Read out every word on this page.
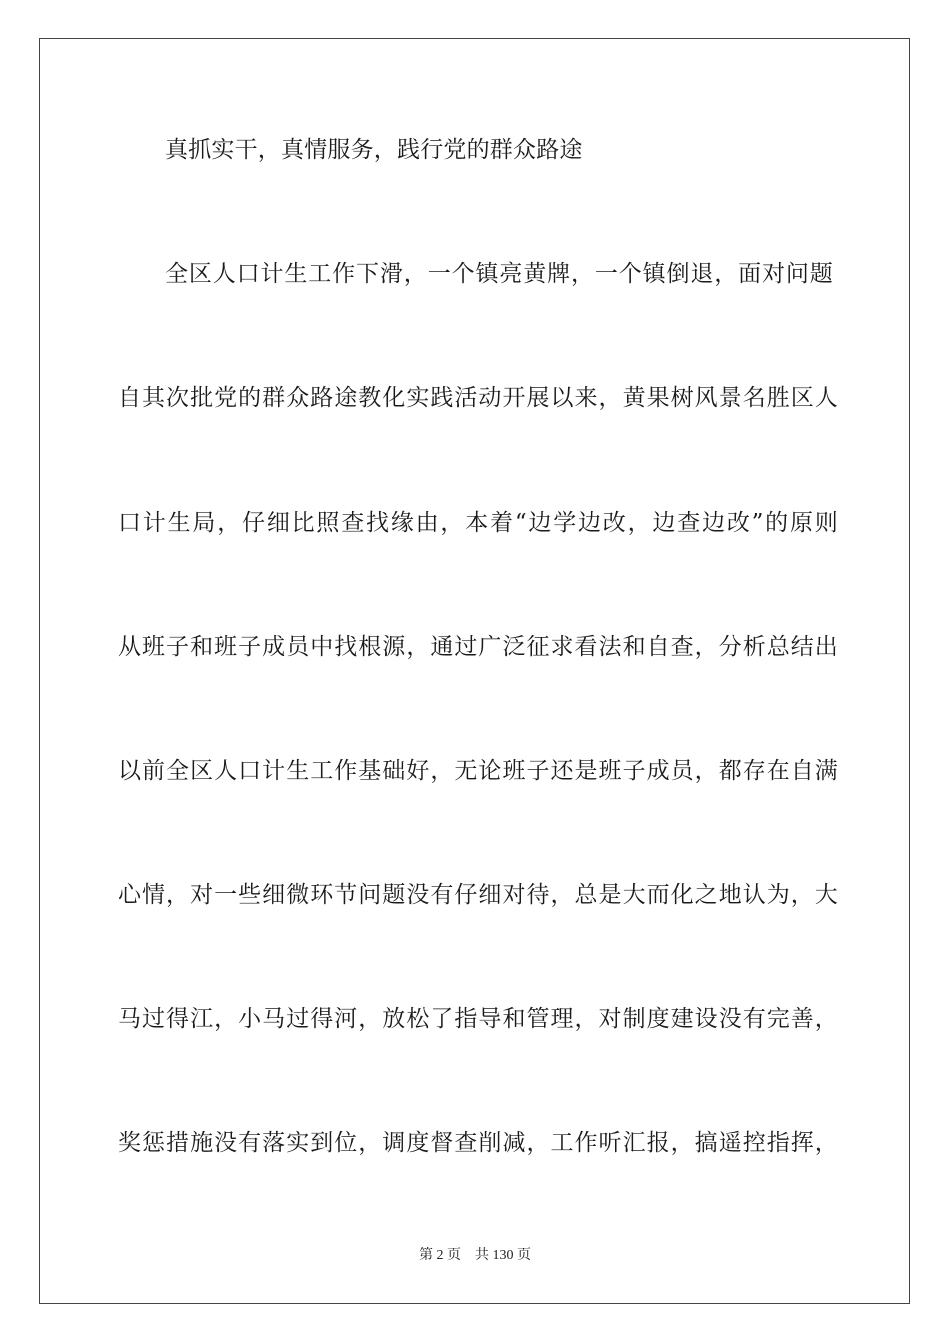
真抓实干，真情服务，践行党的群众路途
全区人口计生工作下滑，一个镇亮黄牌，一个镇倒退，面对问题
自其次批党的群众路途教化实践活动开展以来，黄果树风景名胜区人
口计生局，仔细比照查找缘由，本着“边学边改，边查边改”的原则
从班子和班子成员中找根源，通过广泛征求看法和自查，分析总结出
以前全区人口计生工作基础好，无论班子还是班子成员，都存在自满
心情，对一些细微环节问题没有仔细对待，总是大而化之地认为，大
马过得江，小马过得河，放松了指导和管理，对制度建设没有完善，
奖惩措施没有落实到位，调度督查削减，工作听汇报，搞遥控指挥，
第 2 页    共 130 页
